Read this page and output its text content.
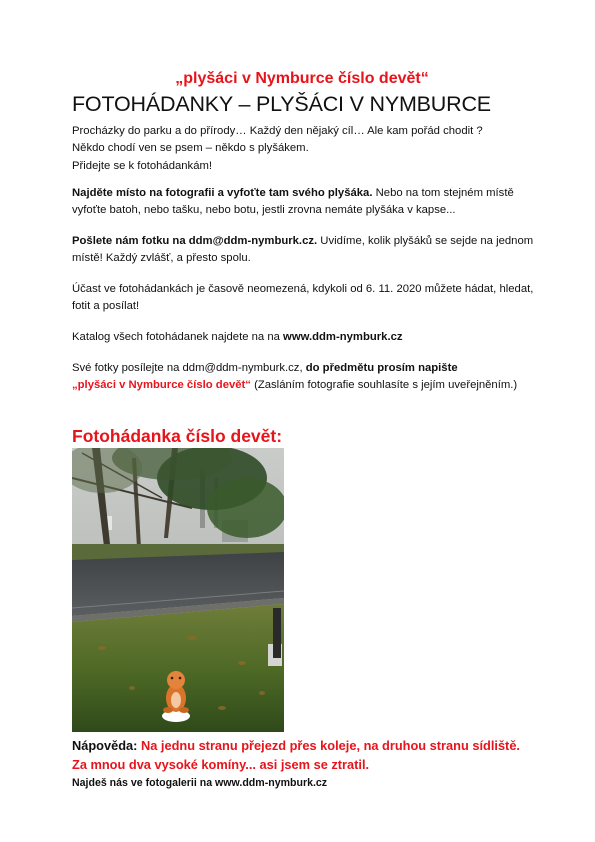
„plyšáci v Nymburce číslo devět“
FOTOHÁDANKY – PLYŠÁCI V NYMBURCE

Procházky do parku a do přírody… Každý den nějaký cíl… Ale kam pořád chodit ?
Někdo chodí ven se psem – někdo s plyšákem.
Přidejte se k fotohádankám!

Najděte místo na fotografii a vyfoťte tam svého plyšáka. Nebo na tom stejném místě vyfoťte batoh, nebo tašku, nebo botu, jestli zrovna nemáte plyšáka v kapse...

Pošlete nám fotku na ddm@ddm-nymburk.cz. Uvidíme, kolik plyšáků se sejde na jednom místě! Každý zvlášť, a přesto spolu.

Účast ve fotohádankách je časově neomezená, kdykoli od 6. 11. 2020 můžete hádat, hledat, fotit a posílat!

Katalog všech fotohádanek najdete na na www.ddm-nymburk.cz

Své fotky posílejte na ddm@ddm-nymburk.cz, do předmětu prosím napište
„plyšáci v Nymburce číslo devět“ (Zasláním fotografie souhlasíte s jejím uveřejněním.)

Fotohádanka číslo devět:

Nápověda: Na jednu stranu přejezd přes koleje, na druhou stranu sídliště. Za mnou dva vysoké komíny... asi jsem se ztratil.

Najdeš nás ve fotogalerii na www.ddm-nymburk.cz
